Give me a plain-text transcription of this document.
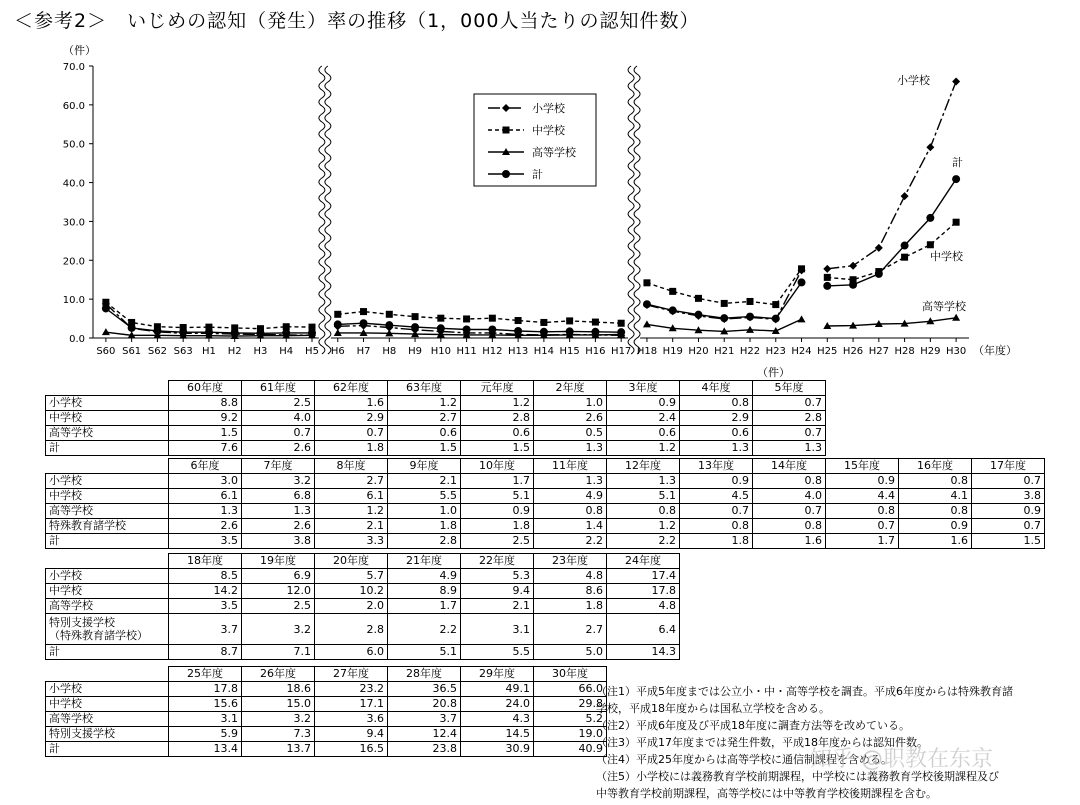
＜参考2＞　いじめの認知（発生）率の推移（1，000人当たりの認知件数）
0.0
10.0
20.0
30.0
40.0
50.0
60.0
70.0
（件）
S60 S61 S62 S63 H1 H2 H3 H4 H5 H6 H7 H8 H9 H10 H11 H12 H13 H14 H15 H16 H17 H18 H19 H20 H21 H22 H23 H24 H25 H26 H27 H28 H29 H30 （年度）
小学校
中学校
高等学校
計
小学校
計
中学校
高等学校
（件）
	60年度	61年度	62年度	63年度	元年度	2年度	3年度	4年度	5年度

小学校	8.8	2.5	1.6	1.2	1.2	1.0	0.9	0.8	0.7

中学校	9.2	4.0	2.9	2.7	2.8	2.6	2.4	2.9	2.8

高等学校	1.5	0.7	0.7	0.6	0.6	0.5	0.6	0.6	0.7

計	7.6	2.6	1.8	1.5	1.5	1.3	1.2	1.3	1.3
	6年度	7年度	8年度	9年度	10年度	11年度	12年度	13年度	14年度	15年度	16年度	17年度

小学校	3.0	3.2	2.7	2.1	1.7	1.3	1.3	0.9	0.8	0.9	0.8	0.7

中学校	6.1	6.8	6.1	5.5	5.1	4.9	5.1	4.5	4.0	4.4	4.1	3.8

高等学校	1.3	1.3	1.2	1.0	0.9	0.8	0.8	0.7	0.7	0.8	0.8	0.9

特殊教育諸学校	2.6	2.6	2.1	1.8	1.8	1.4	1.2	0.8	0.8	0.7	0.9	0.7

計	3.5	3.8	3.3	2.8	2.5	2.2	2.2	1.8	1.6	1.7	1.6	1.5
	18年度	19年度	20年度	21年度	22年度	23年度	24年度

小学校	8.5	6.9	5.7	4.9	5.3	4.8	17.4

中学校	14.2	12.0	10.2	8.9	9.4	8.6	17.8

高等学校	3.5	2.5	2.0	1.7	2.1	1.8	4.8

特別支援学校
（特殊教育諸学校）	3.7	3.2	2.8	2.2	3.1	2.7	6.4

計	8.7	7.1	6.0	5.1	5.5	5.0	14.3
	25年度	26年度	27年度	28年度	29年度	30年度

小学校	17.8	18.6	23.2	36.5	49.1	66.0

中学校	15.6	15.0	17.1	20.8	24.0	29.8

高等学校	3.1	3.2	3.6	3.7	4.3	5.2

特別支援学校	5.9	7.3	9.4	12.4	14.5	19.0

計	13.4	13.7	16.5	23.8	30.9	40.9
（注1）平成5年度までは公立小・中・高等学校を調査。平成6年度からは特殊教育諸
学校，平成18年度からは国私立学校を含める。
（注2）平成6年度及び平成18年度に調査方法等を改めている。
（注3）平成17年度までは発生件数，平成18年度からは認知件数。
（注4）平成25年度からは高等学校に通信制課程を含める。
（注5）小学校には義務教育学校前期課程，中学校には義務教育学校後期課程及び
中等教育学校前期課程，高等学校には中等教育学校後期課程を含む。
知乎 @职教在东京
